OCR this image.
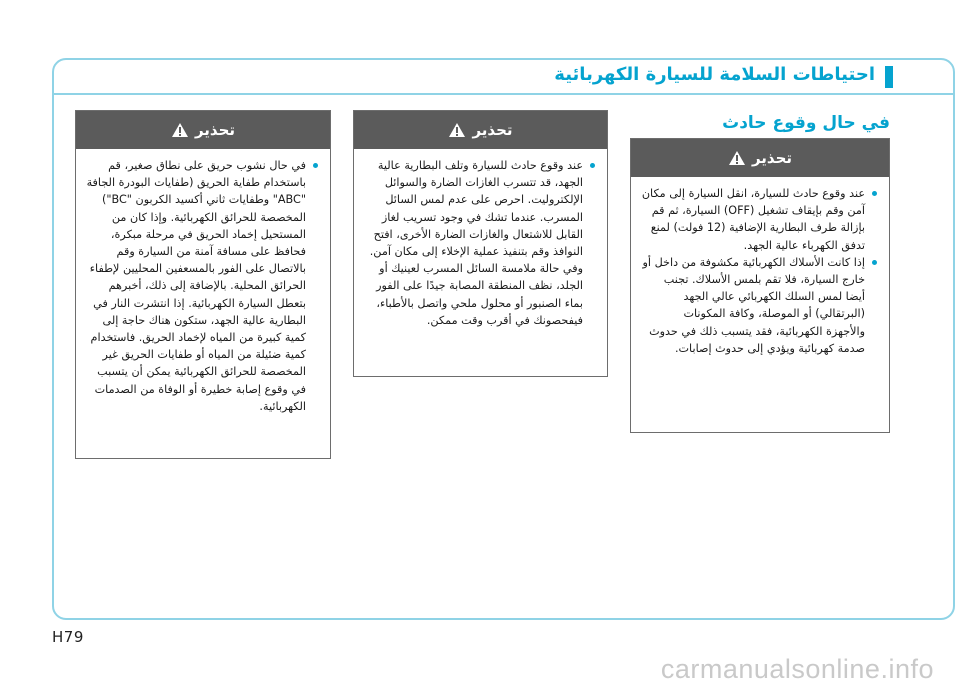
احتياطات السلامة للسيارة الكهربائية
في حال وقوع حادث
تحذير
عند وقوع حادث للسيارة، انقل السيارة إلى مكان آمن وقم بإيقاف تشغيل (OFF) السيارة، ثم قم بإزالة طرف البطارية الإضافية (12 فولت) لمنع تدفق الكهرباء عالية الجهد.
إذا كانت الأسلاك الكهربائية مكشوفة من داخل أو خارج السيارة، فلا تقم بلمس الأسلاك. تجنب أيضا لمس السلك الكهربائي عالي الجهد (البرتقالي) أو الموصلة، وكافة المكونات والأجهزة الكهربائية، فقد يتسبب ذلك في حدوث صدمة كهربائية ويؤدي إلى حدوث إصابات.
تحذير
عند وقوع حادث للسيارة وتلف البطارية عالية الجهد، قد تتسرب الغازات الضارة والسوائل الإلكتروليت. احرص على عدم لمس السائل المسرب. عندما تشك في وجود تسريب لغاز القابل للاشتعال والغازات الضارة الأخرى، افتح النوافذ وقم بتنفيذ عملية الإخلاء إلى مكان آمن. وفي حالة ملامسة السائل المسرب لعينيك أو الجلد، نظف المنطقة المصابة جيدًا على الفور بماء الصنبور أو محلول ملحي واتصل بالأطباء، فيفحصونك في أقرب وقت ممكن.
تحذير
في حال نشوب حريق على نطاق صغير، قم باستخدام طفاية الحريق (طفايات البودرة الجافة "ABC" وطفايات ثاني أكسيد الكربون "BC") المخصصة للحرائق الكهربائية. وإذا كان من المستحيل إخماد الحريق في مرحلة مبكرة، فحافظ على مسافة آمنة من السيارة وقم بالاتصال على الفور بالمسعفين المحليين لإطفاء الحرائق المحلية. بالإضافة إلى ذلك، أخبرهم بتعطل السيارة الكهربائية. إذا انتشرت النار في البطارية عالية الجهد، ستكون هناك حاجة إلى كمية كبيرة من المياه لإخماد الحريق. فاستخدام كمية ضئيلة من المياه أو طفايات الحريق غير المخصصة للحرائق الكهربائية يمكن أن يتسبب في وقوع إصابة خطيرة أو الوفاة من الصدمات الكهربائية.
H79
carmanualsonline.info
